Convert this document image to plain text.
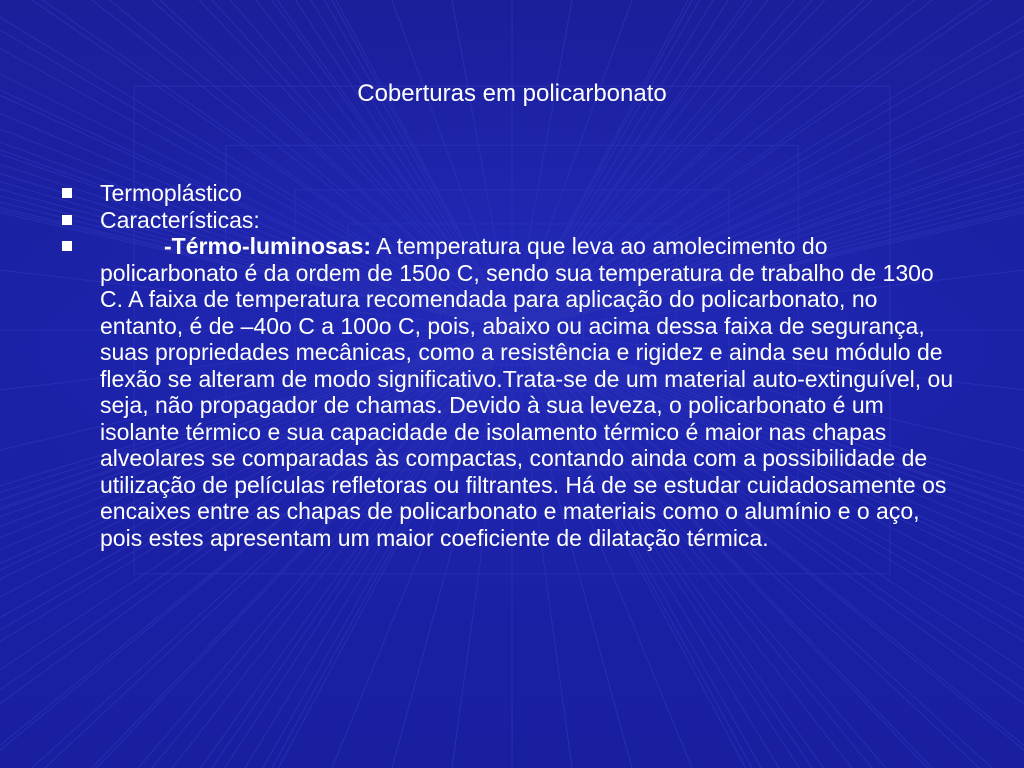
Coberturas em policarbonato
Termoplástico
Características:
-Térmo-luminosas: A temperatura que leva ao amolecimento do policarbonato é da ordem de 150o C, sendo sua temperatura de trabalho de 130o C. A faixa de temperatura recomendada para aplicação do policarbonato, no entanto, é de –40o C a 100o C, pois, abaixo ou acima dessa faixa de segurança, suas propriedades mecânicas, como a resistência e rigidez e ainda seu módulo de flexão se alteram de modo significativo.Trata-se de um material auto-extinguível, ou seja, não propagador de chamas. Devido à sua leveza, o policarbonato é um isolante térmico e sua capacidade de isolamento térmico é maior nas chapas alveolares se comparadas às compactas, contando ainda com a possibilidade de utilização de películas refletoras ou filtrantes. Há de se estudar cuidadosamente os encaixes entre as chapas de policarbonato e materiais como o alumínio e o aço, pois estes apresentam um maior coeficiente de dilatação térmica.
